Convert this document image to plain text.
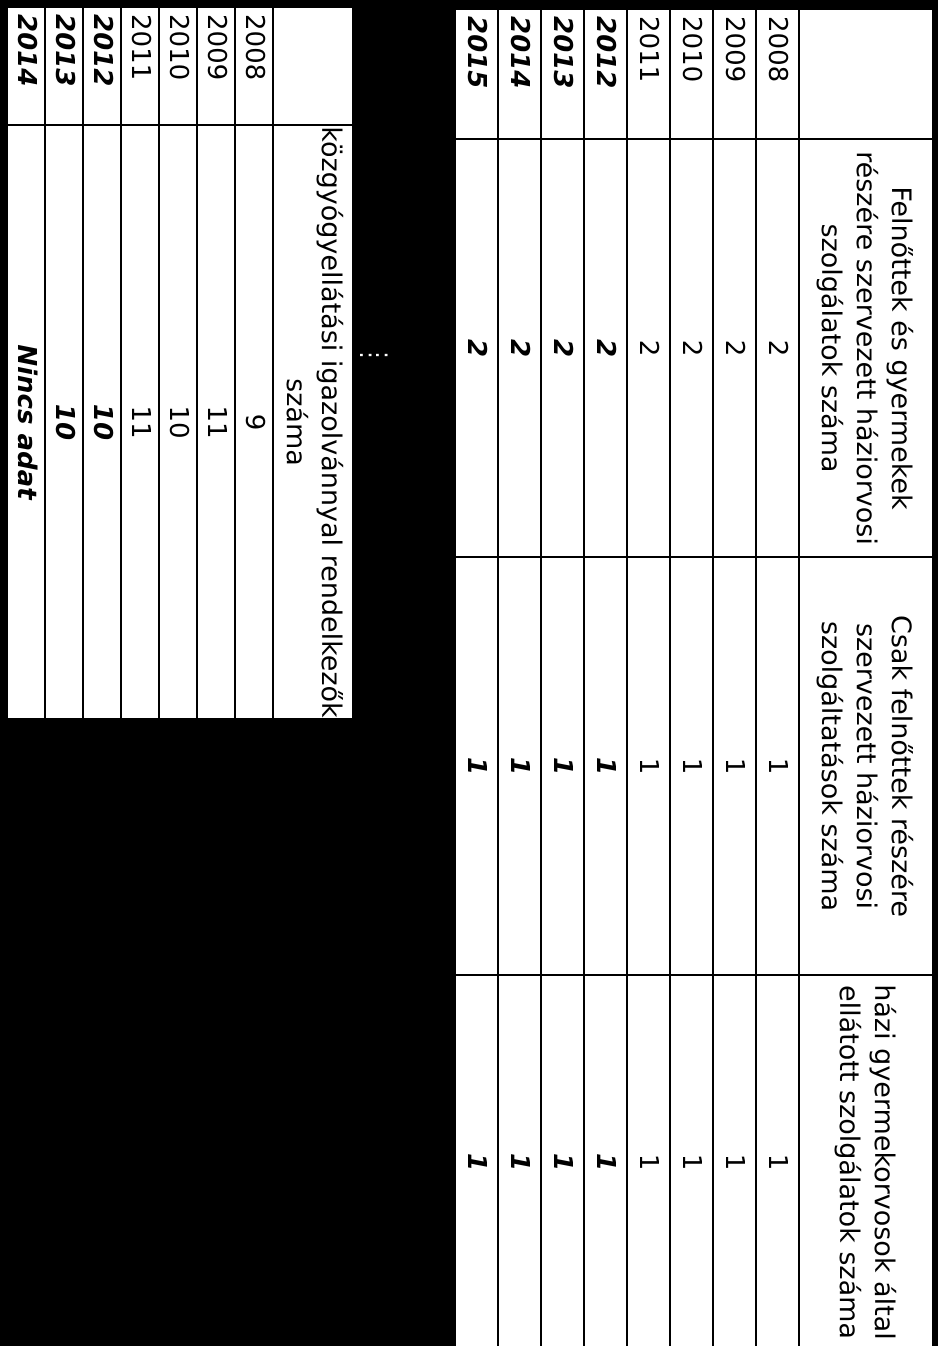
	Felnőttek és gyermekek részére szervezett háziorvosi szolgálatok száma	Csak felnőttek részére szervezett háziorvosi szolgáltatások száma	házi gyermekorvosok által ellátott szolgálatok száma
2008	2	1	1
2009	2	1	1
2010	2	1	1
2011	2	1	1
2012	2	1	1
2013	2	1	1
2014	2	1	1
2015	2	1	1
: :
	közgyógyellátási igazolvánnyal rendelkezők száma
2008	9
2009	11
2010	10
2011	11
2012	10
2013	10
2014	Nincs adat
